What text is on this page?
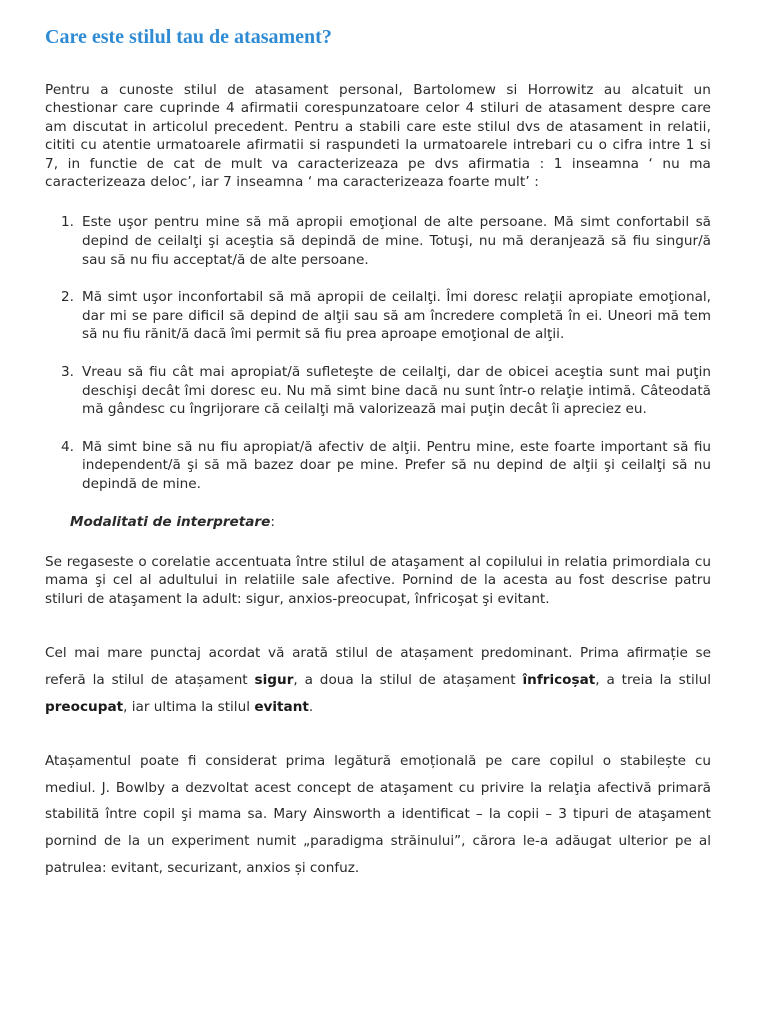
Care este stilul tau de atasament?

Pentru a cunoste stilul de atasament personal, Bartolomew si Horrowitz au alcatuit un chestionar care cuprinde 4 afirmatii corespunzatoare celor 4 stiluri de atasament despre care am discutat in articolul precedent. Pentru a stabili care este stilul dvs de atasament in relatii, cititi cu atentie urmatoarele afirmatii si raspundeti la urmatoarele intrebari cu o cifra intre 1 si 7, in functie de cat de mult va caracterizeaza pe dvs afirmatia : 1 inseamna ‘ nu ma caracterizeaza deloc’, iar 7 inseamna ‘ ma caracterizeaza foarte mult’ :

1. Este uşor pentru mine să mă apropii emoţional de alte persoane. Mă simt confortabil să depind de ceilalţi şi aceştia să depindă de mine. Totuşi, nu mă deranjează să fiu singur/ă sau să nu fiu acceptat/ă de alte persoane.
2. Mă simt uşor inconfortabil să mă apropii de ceilalţi. Îmi doresc relaţii apropiate emoţional, dar mi se pare dificil să depind de alţii sau să am încredere completă în ei. Uneori mă tem să nu fiu rănit/ă dacă îmi permit să fiu prea aproape emoţional de alţii.
3. Vreau să fiu cât mai apropiat/ă sufleteşte de ceilalţi, dar de obicei aceştia sunt mai puţin deschişi decât îmi doresc eu. Nu mă simt bine dacă nu sunt într-o relaţie intimă. Câteodată mă gândesc cu îngrijorare că ceilalţi mă valorizează mai puţin decât îi apreciez eu.
4. Mă simt bine să nu fiu apropiat/ă afectiv de alţii. Pentru mine, este foarte important să fiu independent/ă şi să mă bazez doar pe mine. Prefer să nu depind de alţii şi ceilalţi să nu depindă de mine.

Modalitati de interpretare:

Se regaseste o corelatie accentuata între stilul de ataşament al copilului in relatia primordiala cu mama şi cel al adultului in relatiile sale afective. Pornind de la acesta au fost descrise patru stiluri de ataşament la adult: sigur, anxios-preocupat, înfricoşat şi evitant.

Cel mai mare punctaj acordat vă arată stilul de atașament predominant. Prima afirmație se referă la stilul de atașament sigur, a doua la stilul de atașament înfricoșat, a treia la stilul preocupat, iar ultima la stilul evitant.

Atașamentul poate fi considerat prima legătură emoțională pe care copilul o stabilește cu mediul. J. Bowlby a dezvoltat acest concept de ataşament cu privire la relaţia afectivă primară stabilită între copil şi mama sa. Mary Ainsworth a identificat – la copii – 3 tipuri de ataşament pornind de la un experiment numit „paradigma străinului”, cărora le-a adăugat ulterior pe al patrulea: evitant, securizant, anxios și confuz.
